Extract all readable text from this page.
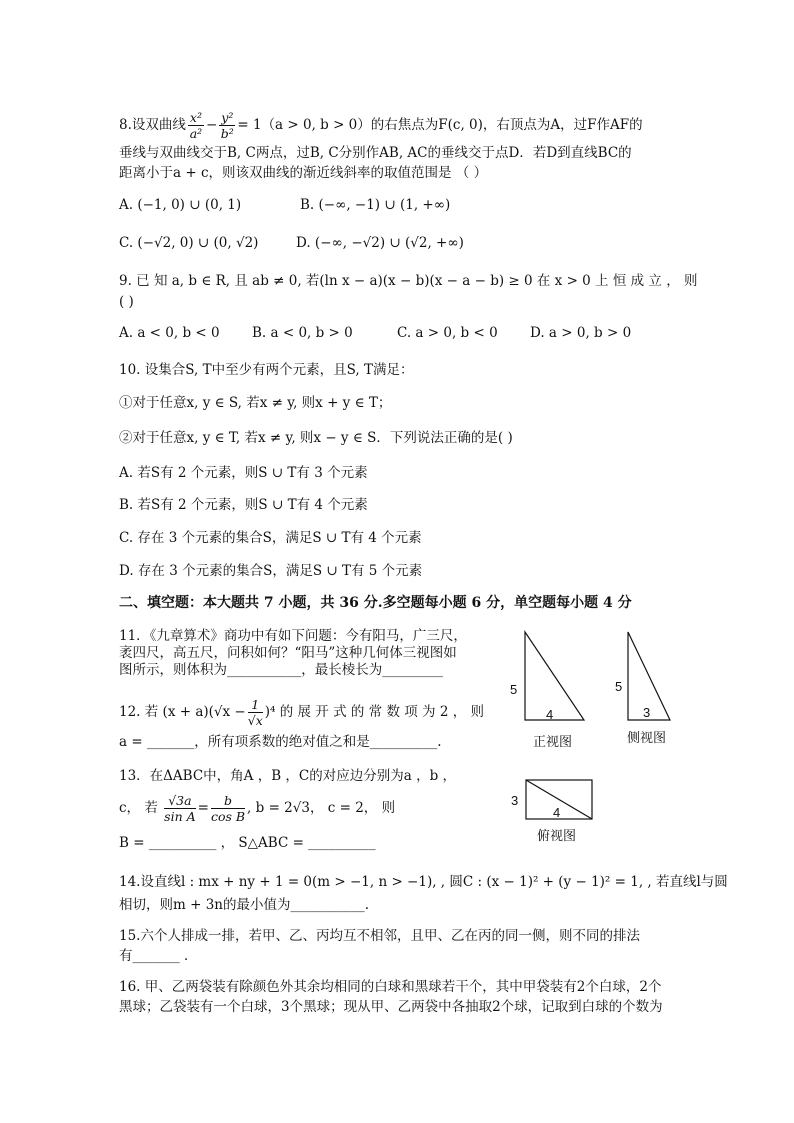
8.设双曲线 $\frac{\text{x²}}{\text{a²}} - \frac{\text{y²}}{\text{b²}} = 1(a > 0$, b > 0）的右焦点为F(c, 0)，右顶点为A，过F作AF的
垂线与双曲线交于B, C两点，过B, C分别作AB, AC的垂线交于点D．若D到直线BC的
距离小于a + c，则该双曲线的渐近线斜率的取值范围是 （ ）
A. (−1, 0) ∪ (0, 1)	B. (−∞, −1) ∪ (1, +∞)
C. (−√2, 0) ∪ (0, √2)	D. (−∞, −√2) ∪ (√2, +∞)
9. 已 知 a, b ∈ R, 且 ab ≠ 0, 若(ln x − a)(x − b)(x − a − b) ≥ 0 在 x > 0 上 恒 成 立 ， 则
( )
A. a < 0, b < 0 B. a < 0, b > 0	C. a > 0, b < 0 D. a > 0, b > 0
10. 设集合S, T中至少有两个元素，且S, T满足：
①对于任意x, y ∈ S, 若x ≠ y, 则x + y ∈ T；
②对于任意x, y ∈ T, 若x ≠ y, 则x − y ∈ S．下列说法正确的是( )
A. 若S有 2 个元素，则S ∪ T有 3 个元素
B. 若S有 2 个元素，则S ∪ T有 4 个元素
C. 存在 3 个元素的集合S，满足S ∪ T有 4 个元素
D. 存在 3 个元素的集合S，满足S ∪ T有 5 个元素
二、填空题：本大题共 7 小题，共 36 分.多空题每小题 6 分，单空题每小题 4 分
11．《九章算术》商功中有如下问题：今有阳马，广三尺，
袤四尺，高五尺，问积如何？“阳马”这种几何体三视图如
图所示，则体积为___________，最长棱长为_________
12. 若 $(x + a)(√x - \frac{1}{√x} )^4$ 的 展 开 式 的 常 数 项 为 2 ， 则
a = _______，所有项系数的绝对值之和是__________.
13．在ΔABC中，角A ，B ，C的对应边分别为a ，b ，
c， 若 $\frac{√3a}{\text{sin A}} = \frac{b}{\text{cos B}}$ , b = 2√3， c = 2， 则
B = __________ ， S△ABC = __________
14.设直线l : mx + ny + 1 = 0(m > −1, n > −1), , 圆C : (x − 1)² + (y − 1)² = 1, , 若直线l与圆
相切，则m + 3n的最小值为___________.
15.六个人排成一排，若甲、乙、丙均互不相邻，且甲、乙在丙的同一侧，则不同的排法
有_______ ．
16. 甲、乙两袋装有除颜色外其余均相同的白球和黑球若干个，其中甲袋装有2个白球，2个
黑球；乙袋装有一个白球，3个黑球；现从甲、乙两袋中各抽取2个球，记取到白球的个数为
5
4
正视图
5
3
侧视图
3
4
俯视图
